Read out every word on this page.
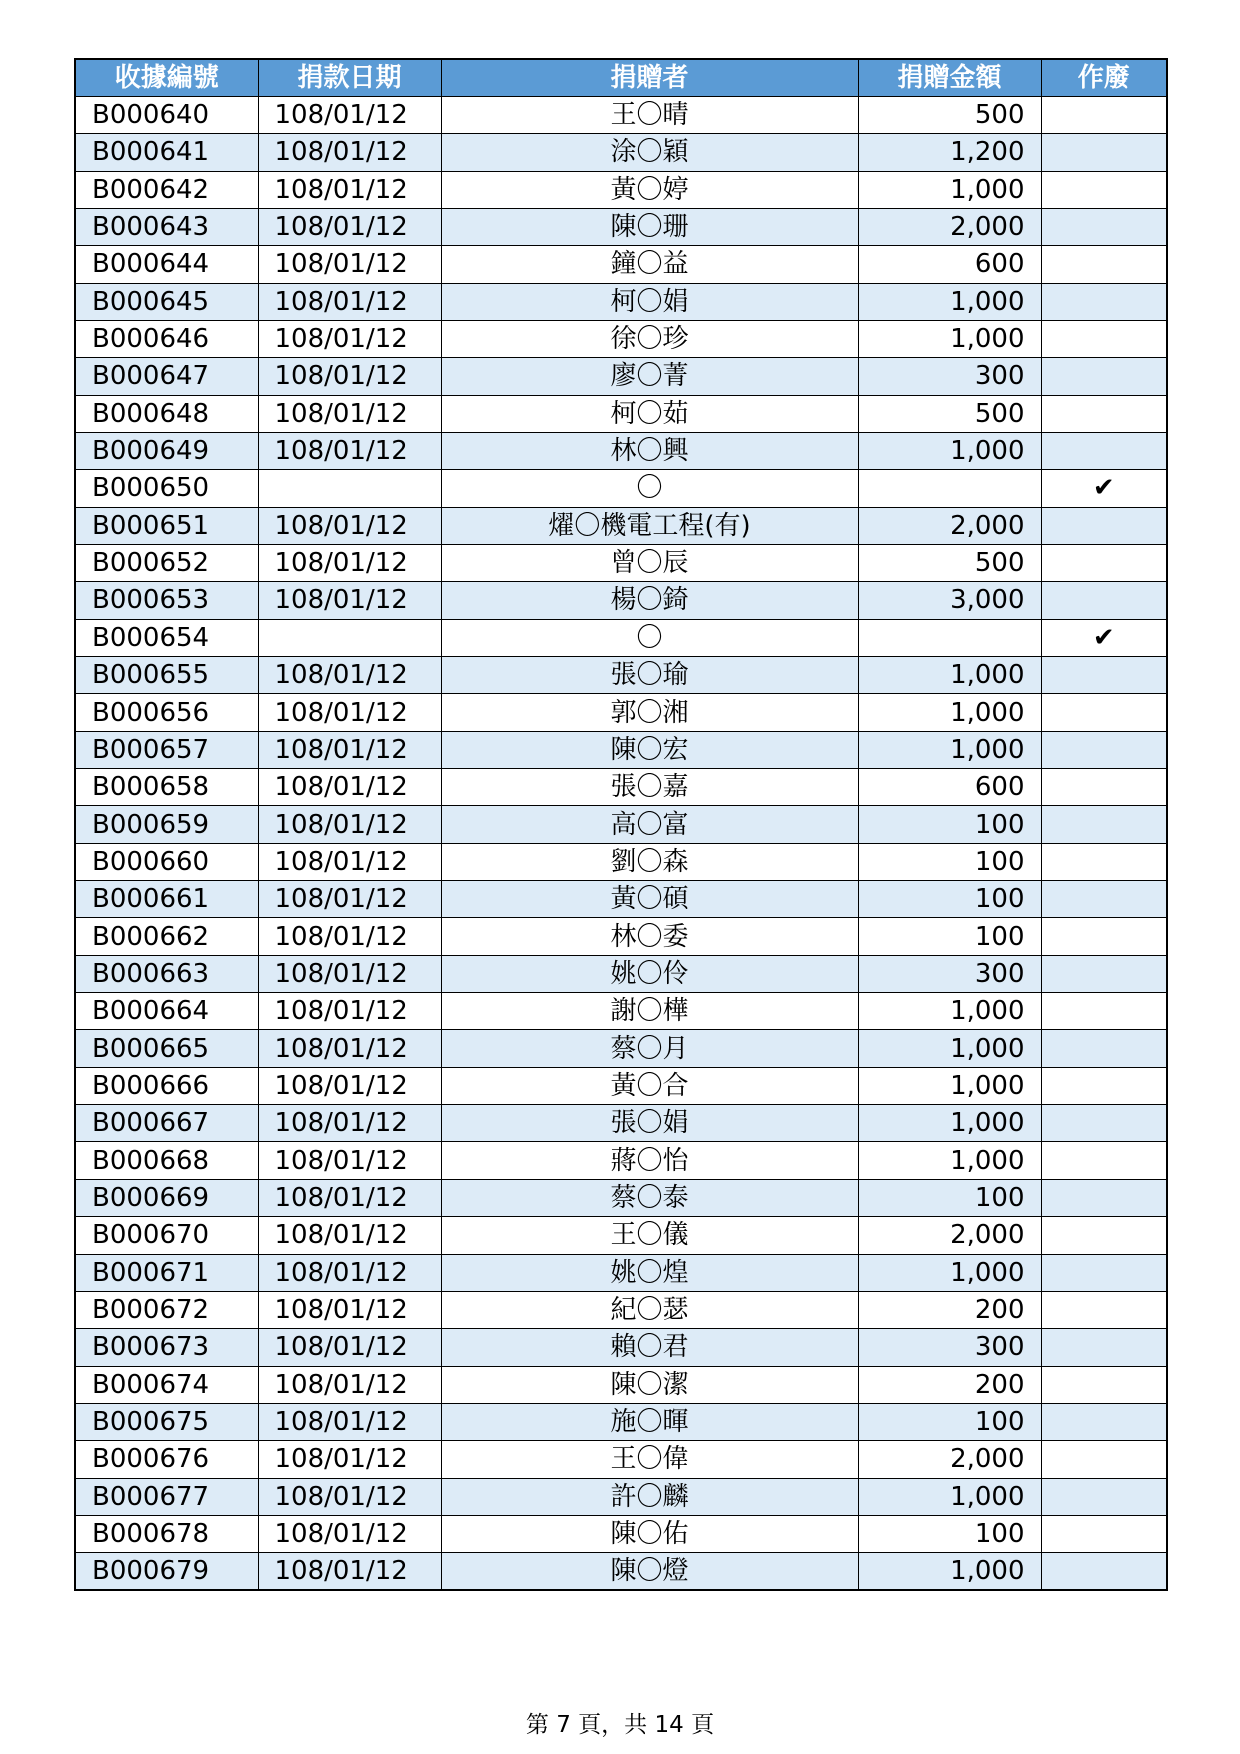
收據編號	捐款日期	捐贈者	捐贈金額	作廢
B000640	108/01/12	王〇晴	500	
B000641	108/01/12	涂〇穎	1,200	
B000642	108/01/12	黃〇婷	1,000	
B000643	108/01/12	陳〇珊	2,000	
B000644	108/01/12	鐘〇益	600	
B000645	108/01/12	柯〇娟	1,000	
B000646	108/01/12	徐〇珍	1,000	
B000647	108/01/12	廖〇菁	300	
B000648	108/01/12	柯〇茹	500	
B000649	108/01/12	林〇興	1,000	
B000650		〇		✔
B000651	108/01/12	燿〇機電工程(有)	2,000	
B000652	108/01/12	曾〇辰	500	
B000653	108/01/12	楊〇錡	3,000	
B000654		〇		✔
B000655	108/01/12	張〇瑜	1,000	
B000656	108/01/12	郭〇湘	1,000	
B000657	108/01/12	陳〇宏	1,000	
B000658	108/01/12	張〇嘉	600	
B000659	108/01/12	高〇富	100	
B000660	108/01/12	劉〇森	100	
B000661	108/01/12	黃〇碩	100	
B000662	108/01/12	林〇委	100	
B000663	108/01/12	姚〇伶	300	
B000664	108/01/12	謝〇樺	1,000	
B000665	108/01/12	蔡〇月	1,000	
B000666	108/01/12	黃〇合	1,000	
B000667	108/01/12	張〇娟	1,000	
B000668	108/01/12	蔣〇怡	1,000	
B000669	108/01/12	蔡〇泰	100	
B000670	108/01/12	王〇儀	2,000	
B000671	108/01/12	姚〇煌	1,000	
B000672	108/01/12	紀〇瑟	200	
B000673	108/01/12	賴〇君	300	
B000674	108/01/12	陳〇潔	200	
B000675	108/01/12	施〇暉	100	
B000676	108/01/12	王〇偉	2,000	
B000677	108/01/12	許〇麟	1,000	
B000678	108/01/12	陳〇佑	100	
B000679	108/01/12	陳〇燈	1,000	
第 7 頁，共 14 頁
